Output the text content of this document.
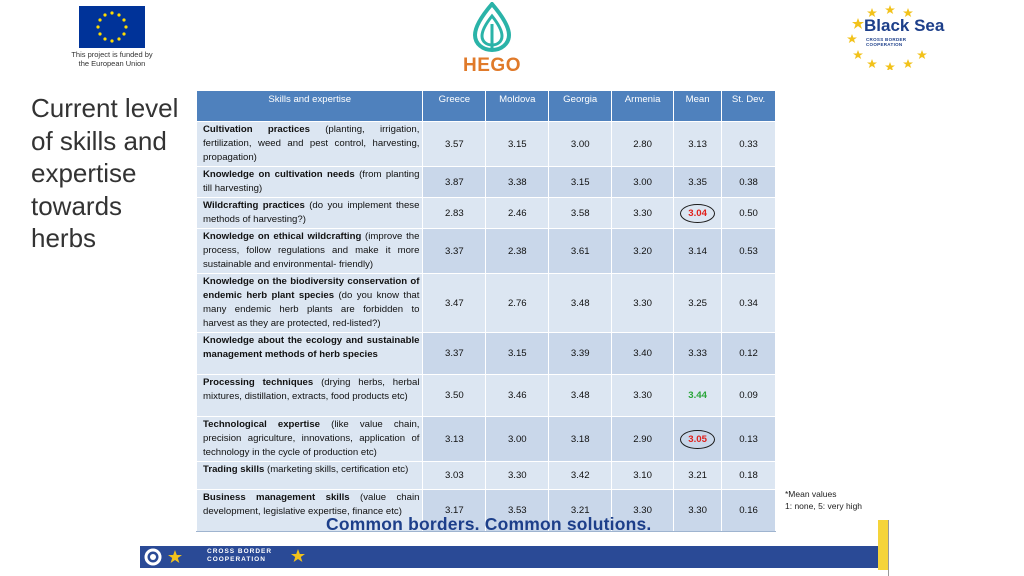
This project is funded by
the European Union	HEGO
Black Sea
CROSS BORDER
COOPERATION
Current level
of skills and
expertise
towards
herbs
Skills and expertise	Greece	Moldova	Georgia	Armenia	Mean	St. Dev.
Cultivation practices (planting, irrigation, fertilization, weed and pest control, harvesting, propagation)	3.57	3.15	3.00	2.80	3.13	0.33
Knowledge on cultivation needs (from planting till harvesting)	3.87	3.38	3.15	3.00	3.35	0.38
Wildcrafting practices (do you implement these methods of harvesting?)	2.83	2.46	3.58	3.30	3.04	0.50
Knowledge on ethical wildcrafting (improve the process, follow regulations and make it more sustainable and environmental- friendly)	3.37	2.38	3.61	3.20	3.14	0.53
Knowledge on the biodiversity conservation of endemic herb plant species (do you know that many endemic herb plants are forbidden to harvest as they are protected, red-listed?)	3.47	2.76	3.48	3.30	3.25	0.34
Knowledge about the ecology and sustainable management methods of herb species	3.37	3.15	3.39	3.40	3.33	0.12
Processing techniques (drying herbs, herbal mixtures, distillation, extracts, food products etc)	3.50	3.46	3.48	3.30	3.44	0.09
Technological expertise (like value chain, precision agriculture, innovations, application of technology in the cycle of production etc)	3.13	3.00	3.18	2.90	3.05	0.13
Trading skills (marketing skills, certification etc)	3.03	3.30	3.42	3.10	3.21	0.18
Business management skills (value chain development, legislative expertise, finance etc)	3.17	3.53	3.21	3.30	3.30	0.16
*Mean values
1: none, 5: very high
Common borders. Common solutions.
CROSS BORDER
COOPERATION
